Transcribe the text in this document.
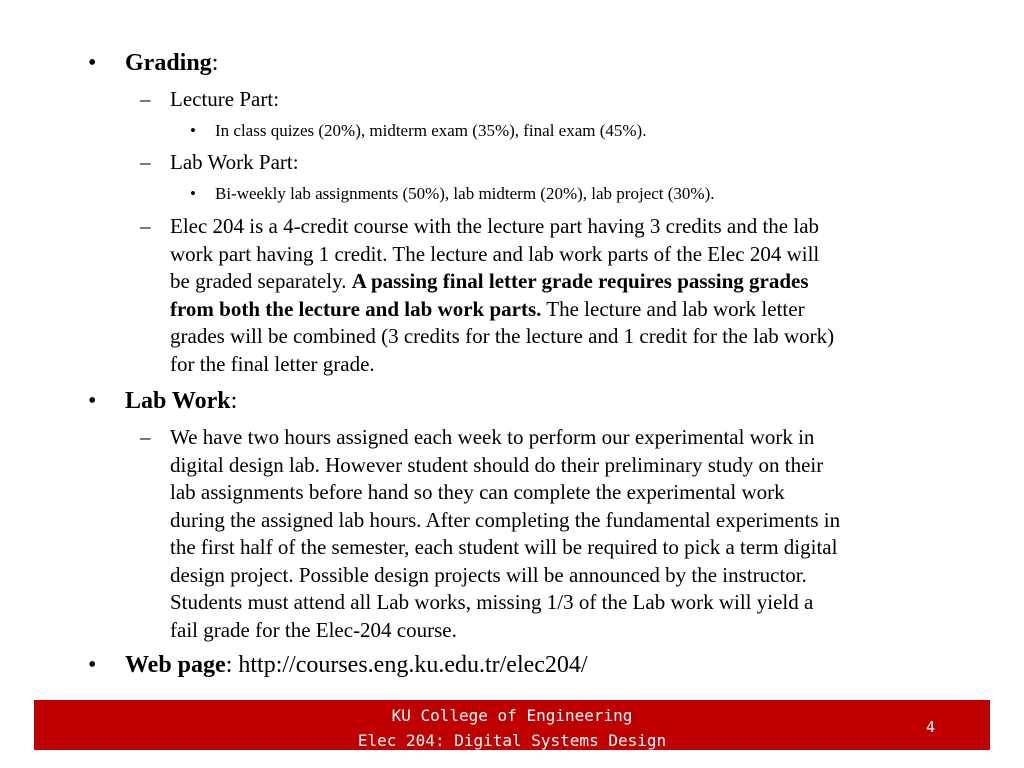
• Grading:
– Lecture Part:
• In class quizes (20%), midterm exam (35%), final exam (45%).
– Lab Work Part:
• Bi-weekly lab assignments (50%), lab midterm (20%), lab project (30%).
– Elec 204 is a 4-credit course with the lecture part having 3 credits and the lab
work part having 1 credit. The lecture and lab work parts of the Elec 204 will
be graded separately. A passing final letter grade requires passing grades
from both the lecture and lab work parts. The lecture and lab work letter
grades will be combined (3 credits for the lecture and 1 credit for the lab work)
for the final letter grade.
• Lab Work:
– We have two hours assigned each week to perform our experimental work in
digital design lab. However student should do their preliminary study on their
lab assignments before hand so they can complete the experimental work
during the assigned lab hours. After completing the fundamental experiments in
the first half of the semester, each student will be required to pick a term digital
design project. Possible design projects will be announced by the instructor.
Students must attend all Lab works, missing 1/3 of the Lab work will yield a
fail grade for the Elec-204 course.
• Web page: http://courses.eng.ku.edu.tr/elec204/
KU College of Engineering
Elec 204: Digital Systems Design
4
